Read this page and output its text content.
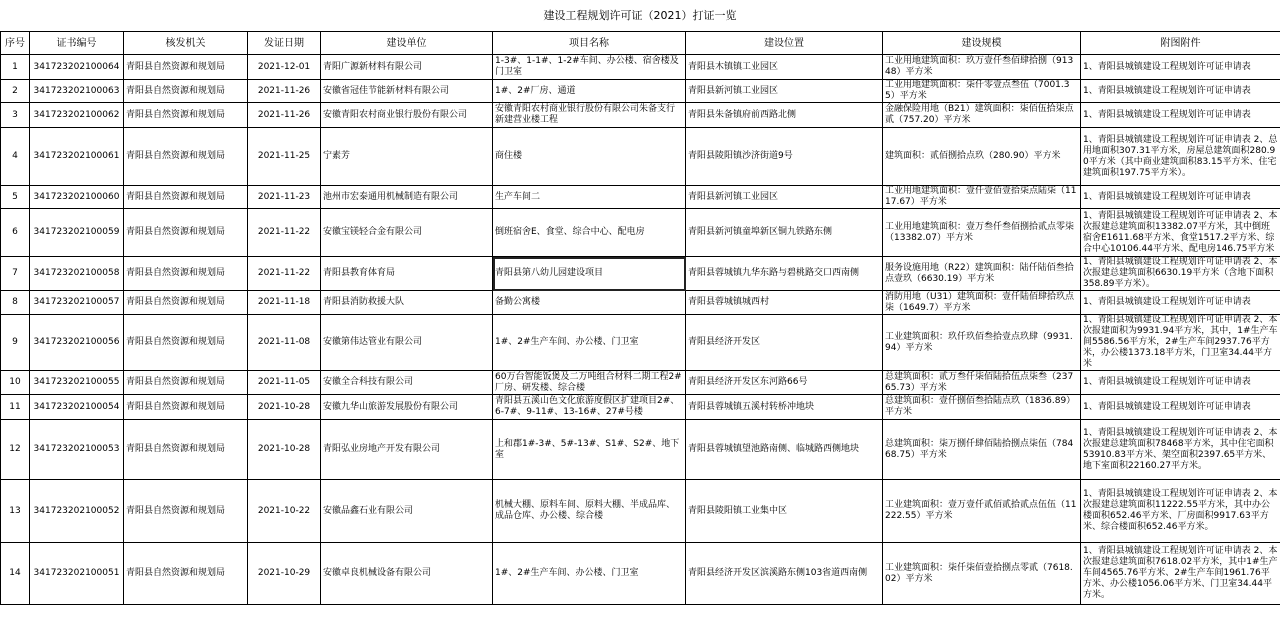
建设工程规划许可证（2021）打证一览
序号	证书编号	核发机关	发证日期	建设单位	项目名称	建设位置	建设规模	附图附件
1	341723202100064	青阳县自然资源和规划局	2021-12-01	青阳广源新材料有限公司	1-3#、1-1#、1-2#车间、办公楼、宿舍楼及门卫室	青阳县木镇镇工业园区	工业用地建筑面积：玖万壹仟叁佰肆拾捌（91348）平方米	1、青阳县城镇建设工程规划许可证申请表
2	341723202100063	青阳县自然资源和规划局	2021-11-26	安徽省冠佳节能新材料有限公司	1#、2#厂房、通道	青阳县新河镇工业园区	工业用地建筑面积：柒仟零壹点叁伍（7001.35）平方米	1、青阳县城镇建设工程规划许可证申请表
3	341723202100062	青阳县自然资源和规划局	2021-11-26	安徽青阳农村商业银行股份有限公司	安徽青阳农村商业银行股份有限公司朱备支行新建营业楼工程	青阳县朱备镇府前西路北侧	金融保险用地（B21）建筑面积：柒佰伍拾柒点贰（757.20）平方米	1、青阳县城镇建设工程规划许可证申请表
4	341723202100061	青阳县自然资源和规划局	2021-11-25	宁素芳	商住楼	青阳县陵阳镇沙济街道9号	建筑面积：贰佰捌拾点玖（280.90）平方米	1、青阳县城镇建设工程规划许可证申请表 2、总用地面积307.31平方米，房屋总建筑面积280.90平方米（其中商业建筑面积83.15平方米、住宅建筑面积197.75平方米）。
5	341723202100060	青阳县自然资源和规划局	2021-11-23	池州市宏泰通用机械制造有限公司	生产车间二	青阳县新河镇工业园区	工业用地建筑面积：壹仟壹佰壹拾柒点陆柒（1117.67）平方米	1、青阳县城镇建设工程规划许可证申请表
6	341723202100059	青阳县自然资源和规划局	2021-11-22	安徽宝镁轻合金有限公司	倒班宿舍E、食堂、综合中心、配电房	青阳县新河镇童埠新区铜九铁路东侧	工业用地建筑面积：壹万叁仟叁佰捌拾贰点零柒（13382.07）平方米	1、青阳县城镇建设工程规划许可证申请表 2、本次报建总建筑面积13382.07平方米，其中倒班宿舍E1611.68平方米、食堂1517.2平方米、综合中心10106.44平方米、配电房146.75平方米
7	341723202100058	青阳县自然资源和规划局	2021-11-22	青阳县教育体育局	青阳县第八幼儿园建设项目	青阳县蓉城镇九华东路与碧桃路交口西南侧	服务设施用地（R22）建筑面积：陆仟陆佰叁拾点壹玖（6630.19）平方米	1、青阳县城镇建设工程规划许可证申请表 2、本次报建总建筑面积6630.19平方米（含地下面积358.89平方米）。
8	341723202100057	青阳县自然资源和规划局	2021-11-18	青阳县消防救援大队	备勤公寓楼	青阳县蓉城镇城西村	消防用地（U31）建筑面积：壹仟陆佰肆拾玖点柒（1649.7）平方米	1、青阳县城镇建设工程规划许可证申请表
9	341723202100056	青阳县自然资源和规划局	2021-11-08	安徽第伟达管业有限公司	1#、2#生产车间、办公楼、门卫室	青阳县经济开发区	工业建筑面积：玖仟玖佰叁拾壹点玖肆（9931.94）平方米	1、青阳县城镇建设工程规划许可证申请表 2、本次报建面积为9931.94平方米，其中，1#生产车间5586.56平方米，2#生产车间2937.76平方米，办公楼1373.18平方米，门卫室34.44平方米
10	341723202100055	青阳县自然资源和规划局	2021-11-05	安徽全合科技有限公司	60万台智能饭煲及二万吨组合材料二期工程2#厂房、研发楼、综合楼	青阳县经济开发区东河路66号	总建筑面积：贰万叁仟柒佰陆拾伍点柒叁（23765.73）平方米	1、青阳县城镇建设工程规划许可证申请表
11	341723202100054	青阳县自然资源和规划局	2021-10-28	安徽九华山旅游发展股份有限公司	青阳县五溪山色文化旅游度假区扩建项目2#、6-7#、9-11#、13-16#、27#号楼	青阳县蓉城镇五溪村转桥冲地块	总建筑面积：壹仟捌佰叁拾陆点玖（1836.89）平方米	1、青阳县城镇建设工程规划许可证申请表
12	341723202100053	青阳县自然资源和规划局	2021-10-28	青阳弘业房地产开发有限公司	上和郡1#-3#、5#-13#、S1#、S2#、地下室	青阳县蓉城镇望池路南侧、临城路西侧地块	总建筑面积：柒万捌仟肆佰陆拾捌点柒伍（78468.75）平方米	1、青阳县城镇建设工程规划许可证申请表 2、本次报建总建筑面积78468平方米，其中住宅面积53910.83平方米、架空面积2397.65平方米、地下室面积22160.27平方米。
13	341723202100052	青阳县自然资源和规划局	2021-10-22	安徽品鑫石业有限公司	机械大棚、原料车间、原料大棚、半成品库、成品仓库、办公楼、综合楼	青阳县陵阳镇工业集中区	工业建筑面积：壹万壹仟贰佰贰拾贰点伍伍（11222.55）平方米	1、青阳县城镇建设工程规划许可证申请表 2、本次报建总建筑面积11222.55平方米，其中办公楼面积652.46平方米、厂房面积9917.63平方米、综合楼面积652.46平方米。
14	341723202100051	青阳县自然资源和规划局	2021-10-29	安徽卓良机械设备有限公司	1#、2#生产车间、办公楼、门卫室	青阳县经济开发区滨溪路东侧103省道西南侧	工业建筑面积：柒仟柒佰壹拾捌点零贰（7618.02）平方米	1、青阳县城镇建设工程规划许可证申请表 2、本次报建总建筑面积7618.02平方米，其中1#生产车间4565.76平方米、2#生产车间1961.76平方米、办公楼1056.06平方米、门卫室34.44平方米。
